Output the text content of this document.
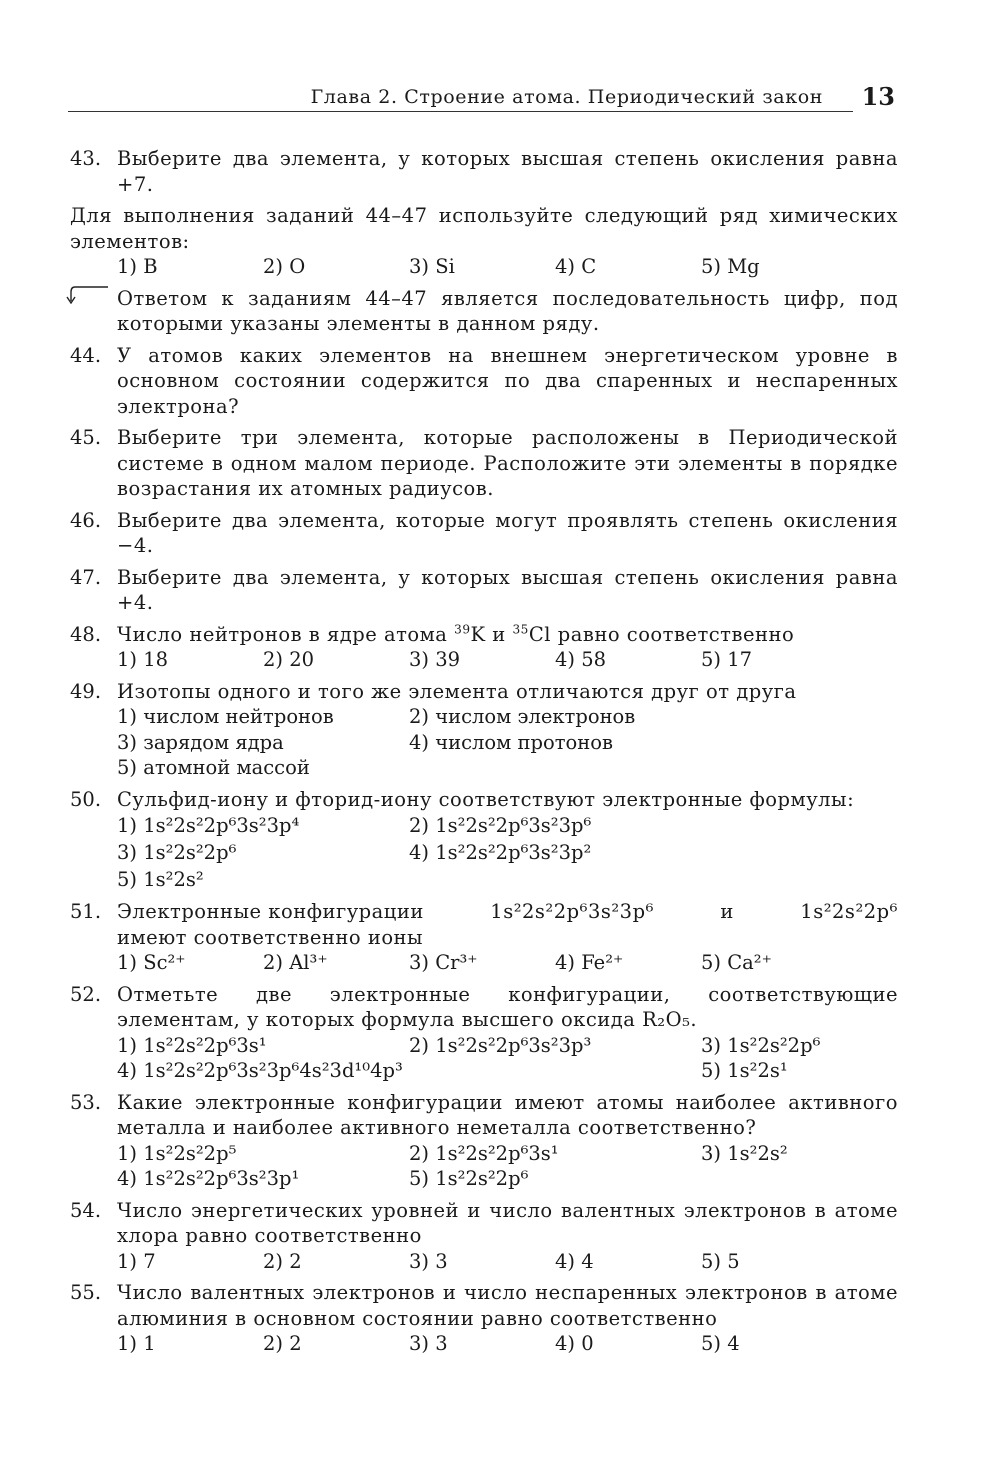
Глава 2. Строение атома. Периодический закон 13
43. Выберите два элемента, у которых высшая степень окисления равна +7.
Для выполнения заданий 44–47 используйте следующий ряд химических элементов:
1) B	2) O	3) Si	4) C	5) Mg
Ответом к заданиям 44–47 является последовательность цифр, под которыми указаны элементы в данном ряду.
44. У атомов каких элементов на внешнем энергетическом уровне в основном состоянии содержится по два спаренных и неспаренных электрона?
45. Выберите три элемента, которые расположены в Периодической системе в одном малом периоде. Расположите эти элементы в порядке возрастания их атомных радиусов.
46. Выберите два элемента, которые могут проявлять степень окисления −4.
47. Выберите два элемента, у которых высшая степень окисления равна +4.
48. Число нейтронов в ядре атома $^{39}$K и $^{35}$Cl равно соответственно
1) 18	2) 20	3) 39	4) 58	5) 17
49. Изотопы одного и того же элемента отличаются друг от друга
1) числом нейтронов	2) числом электронов
3) зарядом ядра	4) числом протонов
5) атомной массой
50. Сульфид-иону и фторид-иону соответствуют электронные формулы:
1) 1s²2s²2p⁶3s²3p⁴	2) 1s²2s²2p⁶3s²3p⁶
3) 1s²2s²2p⁶	4) 1s²2s²2p⁶3s²3p²
5) 1s²2s²
51. Электронные конфигурации	1s²2s²2p⁶3s²3p⁶	и	1s²2s²2p⁶
имеют соответственно ионы
1) Sc²⁺	2) Al³⁺	3) Cr³⁺	4) Fe²⁺	5) Ca²⁺
52. Отметьте две электронные конфигурации, соответствующие элементам, у которых формула высшего оксида R₂O₅.
1) 1s²2s²2p⁶3s¹	2) 1s²2s²2p⁶3s²3p³	3) 1s²2s²2p⁶
4) 1s²2s²2p⁶3s²3p⁶4s²3d¹⁰4p³	5) 1s²2s¹
53. Какие электронные конфигурации имеют атомы наиболее активного металла и наиболее активного неметалла соответственно?
1) 1s²2s²2p⁵	2) 1s²2s²2p⁶3s¹	3) 1s²2s²
4) 1s²2s²2p⁶3s²3p¹	5) 1s²2s²2p⁶
54. Число энергетических уровней и число валентных электронов в атоме хлора равно соответственно
1) 7	2) 2	3) 3	4) 4	5) 5
55. Число валентных электронов и число неспаренных электронов в атоме алюминия в основном состоянии равно соответственно
1) 1	2) 2	3) 3	4) 0	5) 4
